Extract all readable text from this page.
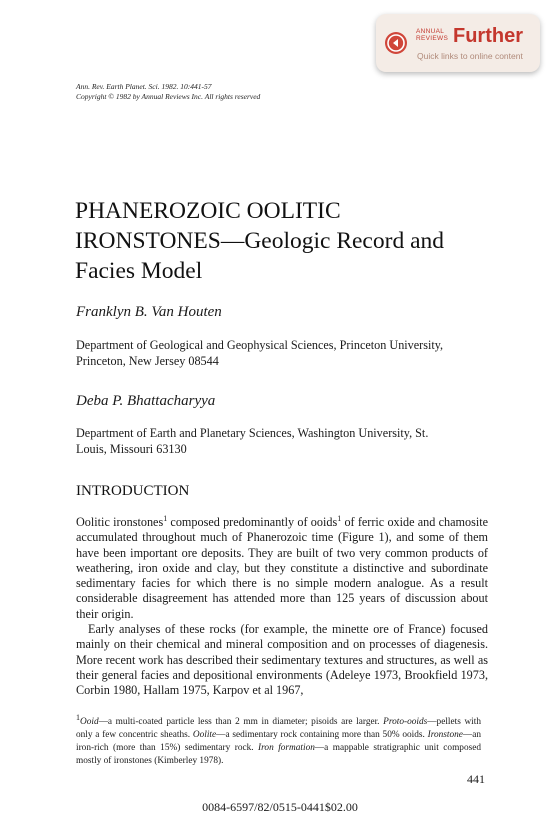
ANNUAL
REVIEWS Further
Quick links to online content
Ann. Rev. Earth Planet. Sci. 1982. 10:441-57
Copyright © 1982 by Annual Reviews Inc. All rights reserved
PHANEROZOIC OOLITIC
IRONSTONES—Geologic Record and
Facies Model
Franklyn B. Van Houten
Department of Geological and Geophysical Sciences, Princeton University,
Princeton, New Jersey 08544
Deba P. Bhattacharyya
Department of Earth and Planetary Sciences, Washington University, St.
Louis, Missouri 63130
INTRODUCTION

Oolitic ironstones$^1$ composed predominantly of ooids$^1$ of ferric oxide and chamosite accumulated throughout much of Phanerozoic time (Figure 1), and some of them have been important ore deposits. They are built of two very common products of weathering, iron oxide and clay, but they constitute a distinctive and subordinate sedimentary facies for which there is no simple modern analogue. As a result considerable disagreement has attended more than 125 years of discussion about their origin.

Early analyses of these rocks (for example, the minette ore of France) focused mainly on their chemical and mineral composition and on processes of diagenesis. More recent work has described their sedimentary textures and structures, as well as their general facies and depositional environments (Adeleye 1973, Brookfield 1973, Corbin 1980, Hallam 1975, Karpov et al 1967,

$^1$Ooid—a multi-coated particle less than 2 mm in diameter; pisoids are larger. Proto-ooids—pellets with only a few concentric sheaths. Oolite—a sedimentary rock containing more than 50% ooids. Ironstone—an iron-rich (more than 15%) sedimentary rock. Iron formation—a mappable stratigraphic unit composed mostly of ironstones (Kimberley 1978).
441
0084-6597/82/0515-0441$02.00
